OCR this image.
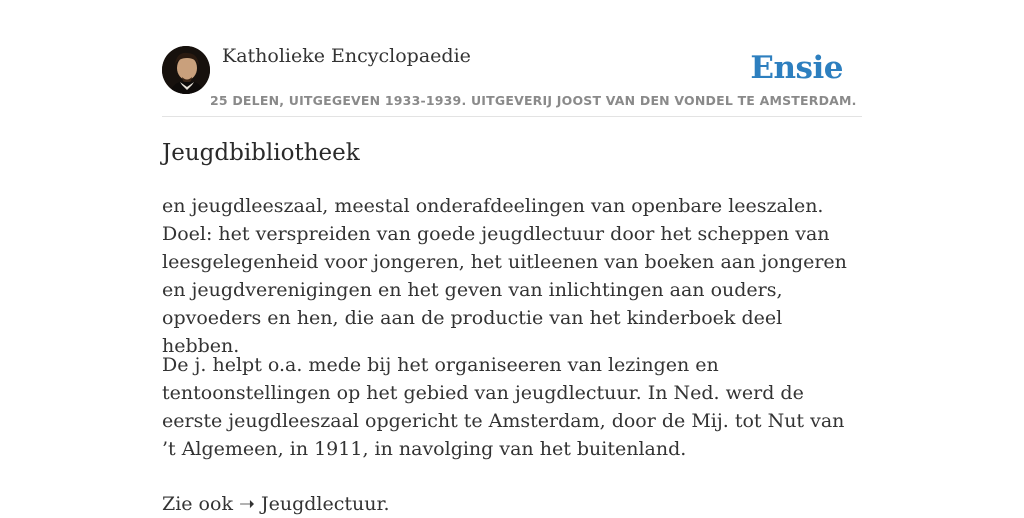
Katholieke Encyclopaedie
25 DELEN, UITGEGEVEN 1933-1939. UITGEVERIJ JOOST VAN DEN VONDEL TE AMSTERDAM.
Ensie
Jeugdbibliotheek

en jeugdleeszaal, meestal onderafdeelingen van openbare leeszalen. Doel: het verspreiden van goede jeugdlectuur door het scheppen van leesgelegenheid voor jongeren, het uitleenen van boeken aan jongeren en jeugdverenigingen en het geven van inlichtingen aan ouders, opvoeders en hen, die aan de productie van het kinderboek deel hebben.

De j. helpt o.a. mede bij het organiseeren van lezingen en tentoonstellingen op het gebied van jeugdlectuur. In Ned. werd de eerste jeugdleeszaal opgericht te Amsterdam, door de Mij. tot Nut van ’t Algemeen, in 1911, in navolging van het buitenland.

Zie ook ➝ Jeugdlectuur.
